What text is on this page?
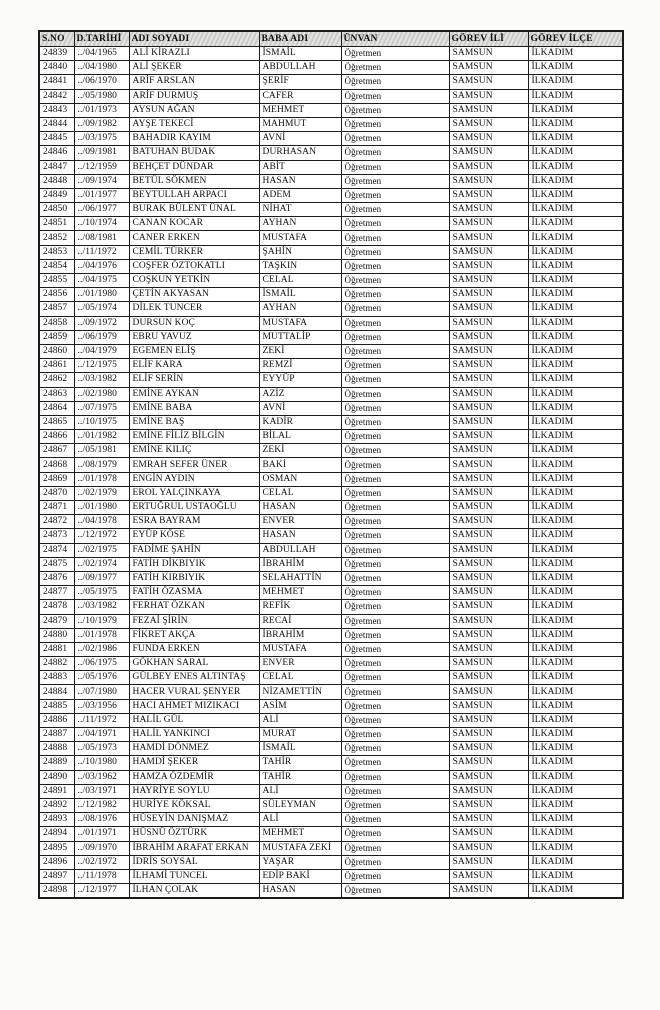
S.NO	D.TARİHİ	ADI SOYADI	BABA ADI	ÜNVAN	GÖREV İLİ	GÖREV İLÇE
24839	../04/1965	ALİ KİRAZLI	İSMAİL	Öğretmen	SAMSUN	İLKADIM
24840	../04/1980	ALİ ŞEKER	ABDULLAH	Öğretmen	SAMSUN	İLKADIM
24841	../06/1970	ARİF ARSLAN	ŞERİF	Öğretmen	SAMSUN	İLKADIM
24842	../05/1980	ARİF DURMUŞ	CAFER	Öğretmen	SAMSUN	İLKADIM
24843	../01/1973	AYSUN AĞAN	MEHMET	Öğretmen	SAMSUN	İLKADIM
24844	../09/1982	AYŞE TEKECİ	MAHMUT	Öğretmen	SAMSUN	İLKADIM
24845	../03/1975	BAHADIR KAYIM	AVNİ	Öğretmen	SAMSUN	İLKADIM
24846	../09/1981	BATUHAN BUDAK	DURHASAN	Öğretmen	SAMSUN	İLKADIM
24847	../12/1959	BEHÇET DÜNDAR	ABİT	Öğretmen	SAMSUN	İLKADIM
24848	../09/1974	BETÜL SÖKMEN	HASAN	Öğretmen	SAMSUN	İLKADIM
24849	../01/1977	BEYTULLAH ARPACI	ADEM	Öğretmen	SAMSUN	İLKADIM
24850	../06/1977	BURAK BÜLENT ÜNAL	NİHAT	Öğretmen	SAMSUN	İLKADIM
24851	../10/1974	CANAN KOCAR	AYHAN	Öğretmen	SAMSUN	İLKADIM
24852	../08/1981	CANER ERKEN	MUSTAFA	Öğretmen	SAMSUN	İLKADIM
24853	../11/1972	CEMİL TÜRKER	ŞAHİN	Öğretmen	SAMSUN	İLKADIM
24854	../04/1976	COŞFER ÖZTOKATLI	TAŞKIN	Öğretmen	SAMSUN	İLKADIM
24855	../04/1975	COŞKUN YETKİN	CELAL	Öğretmen	SAMSUN	İLKADIM
24856	../01/1980	ÇETİN AKYASAN	İSMAİL	Öğretmen	SAMSUN	İLKADIM
24857	../05/1974	DİLEK TUNCER	AYHAN	Öğretmen	SAMSUN	İLKADIM
24858	../09/1972	DURSUN KOÇ	MUSTAFA	Öğretmen	SAMSUN	İLKADIM
24859	../06/1979	EBRU YAVUZ	MUTTALİP	Öğretmen	SAMSUN	İLKADIM
24860	../04/1979	EGEMEN ELİŞ	ZEKİ	Öğretmen	SAMSUN	İLKADIM
24861	../12/1975	ELİF KARA	REMZİ	Öğretmen	SAMSUN	İLKADIM
24862	../03/1982	ELİF SERİN	EYYÜP	Öğretmen	SAMSUN	İLKADIM
24863	../02/1980	EMİNE AYKAN	AZİZ	Öğretmen	SAMSUN	İLKADIM
24864	../07/1975	EMİNE BABA	AVNİ	Öğretmen	SAMSUN	İLKADIM
24865	../10/1975	EMİNE BAŞ	KADİR	Öğretmen	SAMSUN	İLKADIM
24866	../01/1982	EMİNE FİLİZ BİLGİN	BİLAL	Öğretmen	SAMSUN	İLKADIM
24867	../05/1981	EMİNE KILIÇ	ZEKİ	Öğretmen	SAMSUN	İLKADIM
24868	../08/1979	EMRAH SEFER ÜNER	BAKİ	Öğretmen	SAMSUN	İLKADIM
24869	../01/1978	ENGİN AYDIN	OSMAN	Öğretmen	SAMSUN	İLKADIM
24870	../02/1979	EROL YALÇINKAYA	CELAL	Öğretmen	SAMSUN	İLKADIM
24871	../01/1980	ERTUĞRUL USTAOĞLU	HASAN	Öğretmen	SAMSUN	İLKADIM
24872	../04/1978	ESRA BAYRAM	ENVER	Öğretmen	SAMSUN	İLKADIM
24873	../12/1972	EYÜP KÖSE	HASAN	Öğretmen	SAMSUN	İLKADIM
24874	../02/1975	FADİME ŞAHİN	ABDULLAH	Öğretmen	SAMSUN	İLKADIM
24875	../02/1974	FATİH DİKBIYIK	İBRAHİM	Öğretmen	SAMSUN	İLKADIM
24876	../09/1977	FATİH KIRBIYIK	SELAHATTİN	Öğretmen	SAMSUN	İLKADIM
24877	../05/1975	FATİH ÖZASMA	MEHMET	Öğretmen	SAMSUN	İLKADIM
24878	../03/1982	FERHAT ÖZKAN	REFİK	Öğretmen	SAMSUN	İLKADIM
24879	../10/1979	FEZAİ ŞİRİN	RECAİ	Öğretmen	SAMSUN	İLKADIM
24880	../01/1978	FİKRET AKÇA	İBRAHİM	Öğretmen	SAMSUN	İLKADIM
24881	../02/1986	FUNDA ERKEN	MUSTAFA	Öğretmen	SAMSUN	İLKADIM
24882	../06/1975	GÖKHAN SARAL	ENVER	Öğretmen	SAMSUN	İLKADIM
24883	../05/1976	GÜLBEY ENES ALTINTAŞ	CELAL	Öğretmen	SAMSUN	İLKADIM
24884	../07/1980	HACER VURAL ŞENYER	NİZAMETTİN	Öğretmen	SAMSUN	İLKADIM
24885	../03/1956	HACI AHMET MIZIKACI	ASİM	Öğretmen	SAMSUN	İLKADIM
24886	../11/1972	HALİL GÜL	ALİ	Öğretmen	SAMSUN	İLKADIM
24887	../04/1971	HALİL YANKINCI	MURAT	Öğretmen	SAMSUN	İLKADIM
24888	../05/1973	HAMDİ DÖNMEZ	İSMAİL	Öğretmen	SAMSUN	İLKADIM
24889	../10/1980	HAMDİ ŞEKER	TAHİR	Öğretmen	SAMSUN	İLKADIM
24890	../03/1962	HAMZA ÖZDEMİR	TAHİR	Öğretmen	SAMSUN	İLKADIM
24891	../03/1971	HAYRİYE SOYLU	ALİ	Öğretmen	SAMSUN	İLKADIM
24892	../12/1982	HURİYE KÖKSAL	SÜLEYMAN	Öğretmen	SAMSUN	İLKADIM
24893	../08/1976	HÜSEYİN DANIŞMAZ	ALİ	Öğretmen	SAMSUN	İLKADIM
24894	../01/1971	HÜSNÜ ÖZTÜRK	MEHMET	Öğretmen	SAMSUN	İLKADIM
24895	../09/1970	İBRAHİM ARAFAT ERKAN	MUSTAFA ZEKİ	Öğretmen	SAMSUN	İLKADIM
24896	../02/1972	İDRİS SOYSAL	YAŞAR	Öğretmen	SAMSUN	İLKADIM
24897	../11/1978	İLHAMİ TUNCEL	EDİP BAKİ	Öğretmen	SAMSUN	İLKADIM
24898	../12/1977	İLHAN ÇOLAK	HASAN	Öğretmen	SAMSUN	İLKADIM
